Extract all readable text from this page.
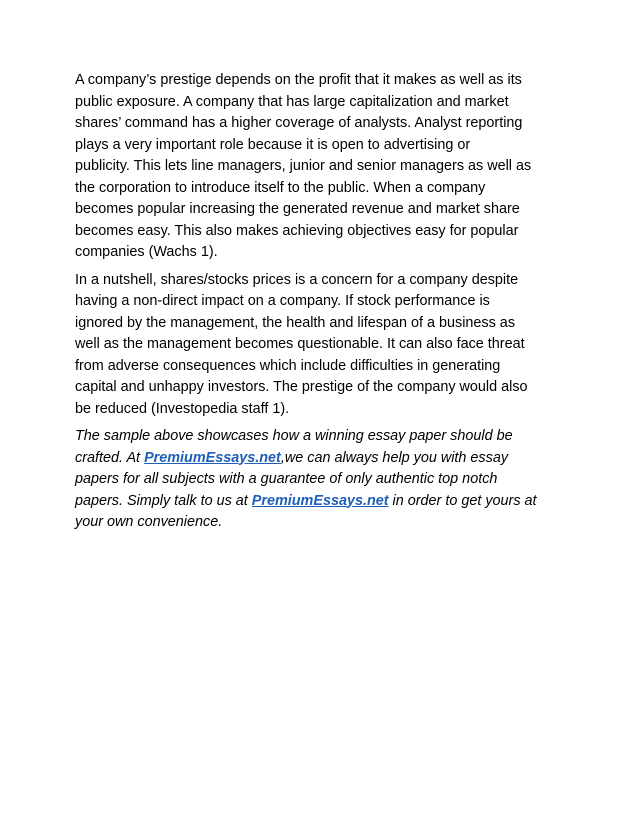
A company’s prestige depends on the profit that it makes as well as its
public exposure. A company that has large capitalization and market
shares’ command has a higher coverage of analysts. Analyst reporting
plays a very important role because it is open to advertising or
publicity. This lets line managers, junior and senior managers as well as
the corporation to introduce itself to the public. When a company
becomes popular increasing the generated revenue and market share
becomes easy. This also makes achieving objectives easy for popular
companies (Wachs 1).

In a nutshell, shares/stocks prices is a concern for a company despite
having a non-direct impact on a company. If stock performance is
ignored by the management, the health and lifespan of a business as
well as the management becomes questionable. It can also face threat
from adverse consequences which include difficulties in generating
capital and unhappy investors. The prestige of the company would also
be reduced (Investopedia staff 1).

The sample above showcases how a winning essay paper should be
crafted. At PremiumEssays.net,we can always help you with essay
papers for all subjects with a guarantee of only authentic top notch
papers. Simply talk to us at PremiumEssays.net in order to get yours at
your own convenience.
